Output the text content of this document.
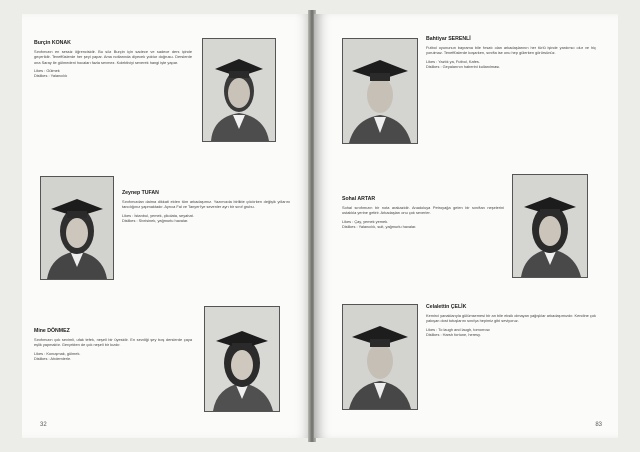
Burçin KONAK

Sınıfımızın en sessiz öğrencisidir. Bu söz Burçin için sadece ve sadece ders içinde geçerlidir. Teneffüslerde her şeyi yapar. Ama notlarında diyecek yoktur doğrusu. Derslerde ona Saray ile gülmedeni hocaları fazla sevmez. Kolektiviyi severek hangi işte yapar.

Likes : Gülmek
Dislikes : Yalancılık
Zeynep TUFAN

Sınıfımızdan daima dikkati elden tüm arkadaşımız. Yazımızda birlikte çıkılırken değişik yıllarını tanıdığınız yapmaktadır. Ayrıca Fal ve Tanyeri'ye sevenler ayrı bir sınıf grubu.

Likes : İstanbul, yemek, çikolata, seyahat.
Dislikes : Sivrisinek, yağmurlu havalar.
Mine DÖNMEZ

Sınıfımızın çok sevimli, ufak tefek, neşeli bir üyesidir. En sevdiği şey boş derslerde çaya eşlik yapmaktır. Gerçekten de çok neşeli bir kızdır.

Likes : Konuşmak, gülmek.
Dislikes : Ahdemlerle.
32
Bahtiyar SERENLİ

Futbol oyununun bayrama bile fırsatı olan arkadaşlarının her türlü işinde yardımcı olur ve hiç yorulmaz. Teneffüslerde koşarken, sınıfta ise onu hep gülerken görürsünüz.

Likes : Yazlık ya, Futbol, Kafes.
Dislikes : Geyalarının haberini kullanılması.
Sohal ARTAR

Sohal sınıfımızın bir nota arakazidir. Anadoluya Petroyağa gelen bir sınıftan neşelerini ustalıkla yerine getirir. Arkadaşları onu çok severler.

Likes : Çay, yemek yemek.
Dislikes : Yalancılık, suit, yağmurlu havalar.
Celalettin ÇELİK

Kemirci yanaklarıyla gülümsemesi bir an bile eksik olmayan yağışlılar arkadaşımızdır. Kendine çok yakışan dost tutuşlarını sınıfça hepimiz gibi seviyoruz.

Likes : To laugh and laugh, tomorrow.
Dislikes : Harsh fortune, heresy.
83
